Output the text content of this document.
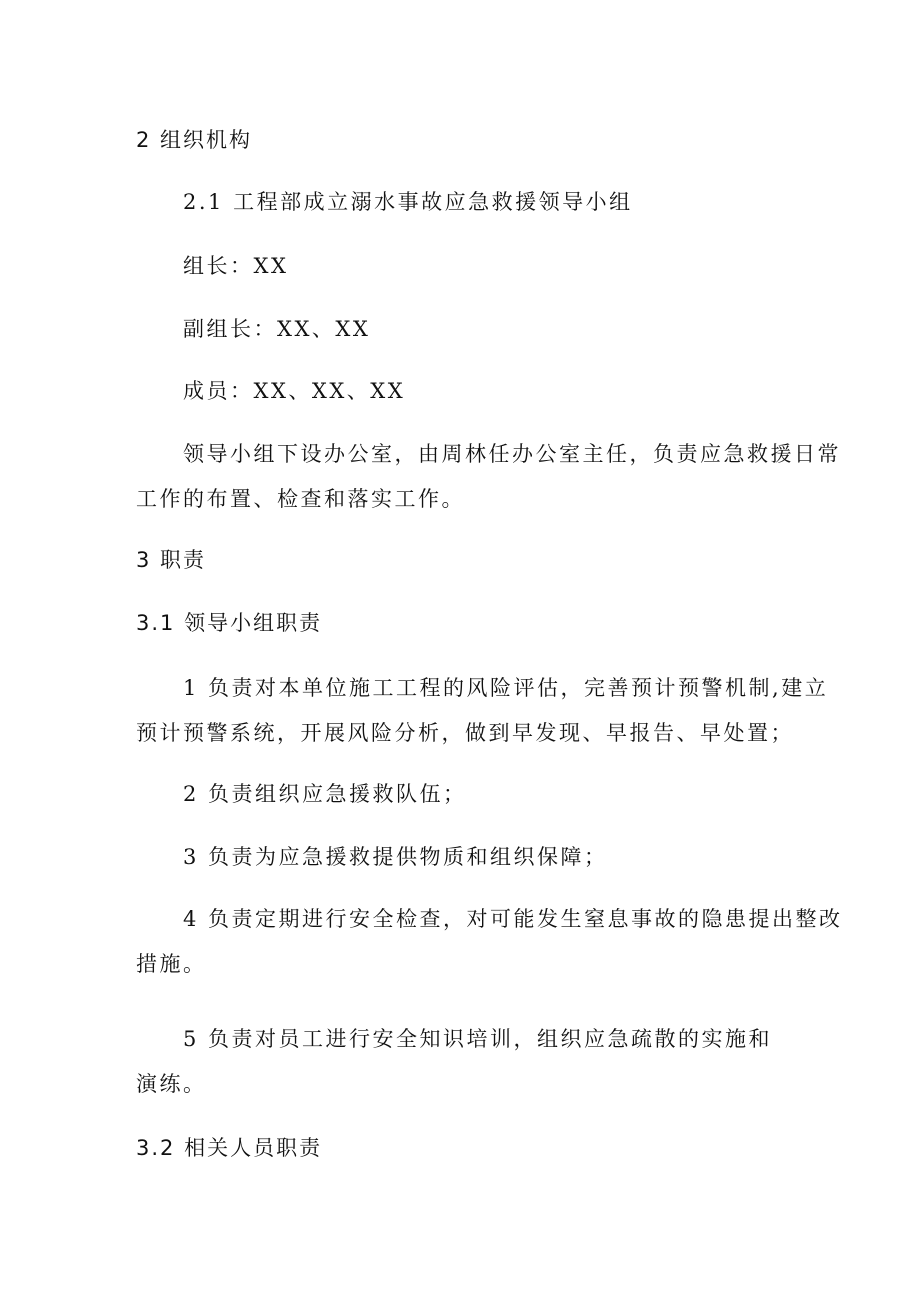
2 组织机构
2.1 工程部成立溺水事故应急救援领导小组
组长：XX
副组长：XX、XX
成员：XX、XX、XX
领导小组下设办公室，由周林任办公室主任，负责应急救援日常
工作的布置、检查和落实工作。
3 职责
3.1 领导小组职责
1 负责对本单位施工工程的风险评估，完善预计预警机制,建立
预计预警系统，开展风险分析，做到早发现、早报告、早处置；
2 负责组织应急援救队伍；
3 负责为应急援救提供物质和组织保障；
4 负责定期进行安全检查，对可能发生窒息事故的隐患提出整改
措施。
5 负责对员工进行安全知识培训，组织应急疏散的实施和
演练。
3.2 相关人员职责
